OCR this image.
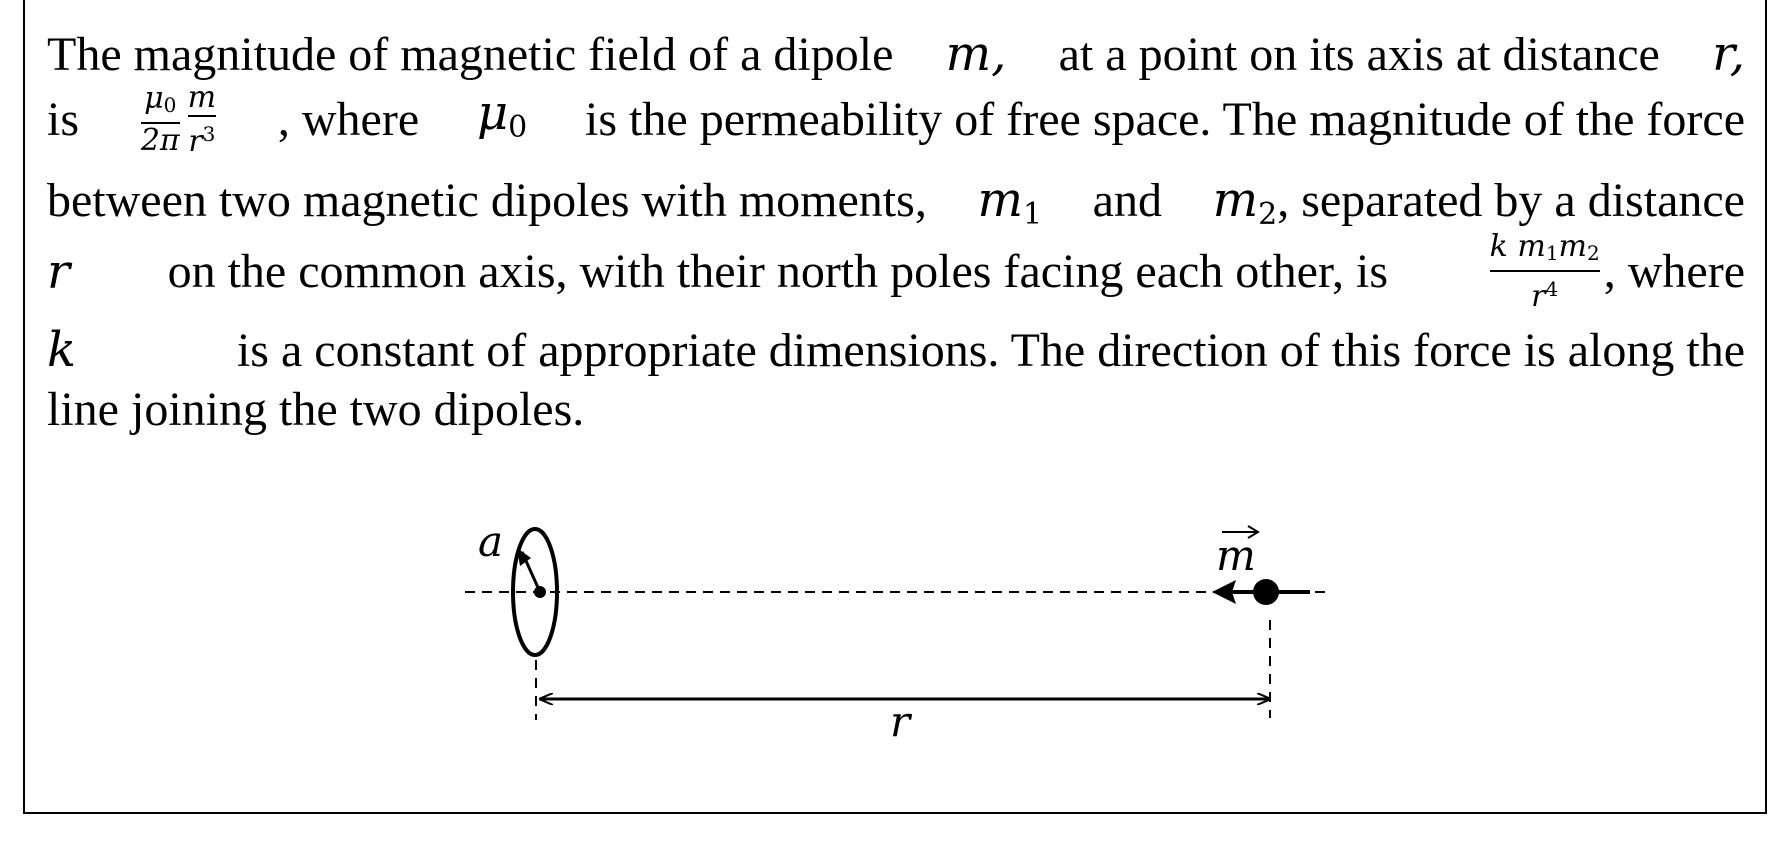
The magnitude of magnetic field of a dipole m, at a point on its axis at distance r,
is $\frac{\mu_0}{2\pi} \frac{m}{r^3}$ , where $\mu_0$ is the permeability of free space. The magnitude of the force
between two magnetic dipoles with moments, $m_1$ and $m_2$, separated by a distance
r on the common axis, with their north poles facing each other, is	$\frac{k m_1m_2}{r^4}$ , where
k	is a constant of appropriate dimensions. The direction of this force is along the
line joining the two dipoles.
a	m
r
